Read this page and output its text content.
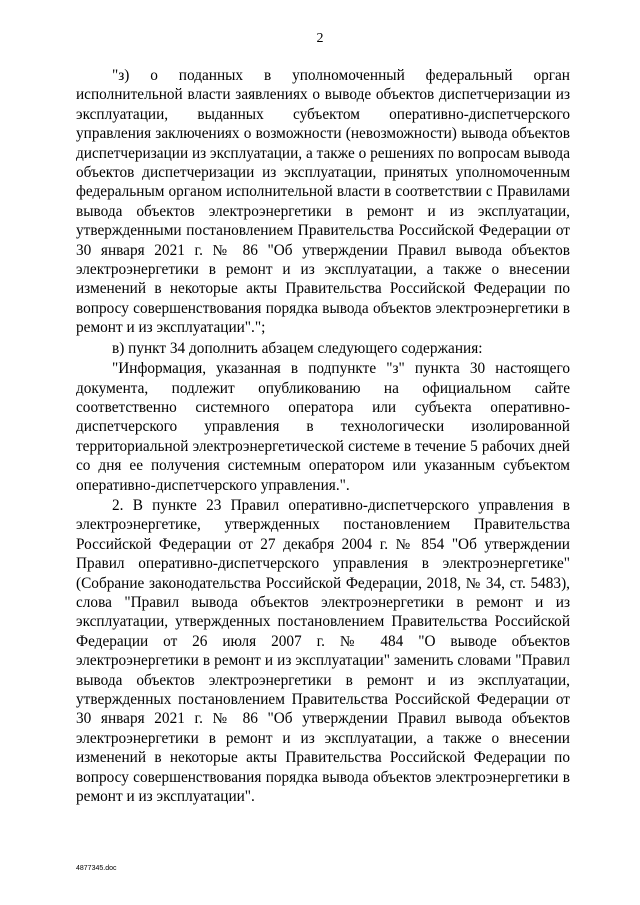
2

"з) о поданных в уполномоченный федеральный орган исполнительной власти заявлениях о выводе объектов диспетчеризации из эксплуатации, выданных субъектом оперативно-диспетчерского управления заключениях о возможности (невозможности) вывода объектов диспетчеризации из эксплуатации, а также о решениях по вопросам вывода объектов диспетчеризации из эксплуатации, принятых уполномоченным федеральным органом исполнительной власти в соответствии с Правилами вывода объектов электроэнергетики в ремонт и из эксплуатации, утвержденными постановлением Правительства Российской Федерации от 30 января 2021 г. № 86 "Об утверждении Правил вывода объектов электроэнергетики в ремонт и из эксплуатации, а также о внесении изменений в некоторые акты Правительства Российской Федерации по вопросу совершенствования порядка вывода объектов электроэнергетики в ремонт и из эксплуатации".";

в) пункт 34 дополнить абзацем следующего содержания:

"Информация, указанная в подпункте "з" пункта 30 настоящего документа, подлежит опубликованию на официальном сайте соответственно системного оператора или субъекта оперативно-диспетчерского управления в технологически изолированной территориальной электроэнергетической системе в течение 5 рабочих дней со дня ее получения системным оператором или указанным субъектом оперативно-диспетчерского управления.".

2. В пункте 23 Правил оперативно-диспетчерского управления в электроэнергетике, утвержденных постановлением Правительства Российской Федерации от 27 декабря 2004 г. № 854 "Об утверждении Правил оперативно-диспетчерского управления в электроэнергетике" (Собрание законодательства Российской Федерации, 2018, № 34, ст. 5483), слова "Правил вывода объектов электроэнергетики в ремонт и из эксплуатации, утвержденных постановлением Правительства Российской Федерации от 26 июля 2007 г. № 484 "О выводе объектов электроэнергетики в ремонт и из эксплуатации" заменить словами "Правил вывода объектов электроэнергетики в ремонт и из эксплуатации, утвержденных постановлением Правительства Российской Федерации от 30 января 2021 г. № 86 "Об утверждении Правил вывода объектов электроэнергетики в ремонт и из эксплуатации, а также о внесении изменений в некоторые акты Правительства Российской Федерации по вопросу совершенствования порядка вывода объектов электроэнергетики в ремонт и из эксплуатации".

4877345.doc
